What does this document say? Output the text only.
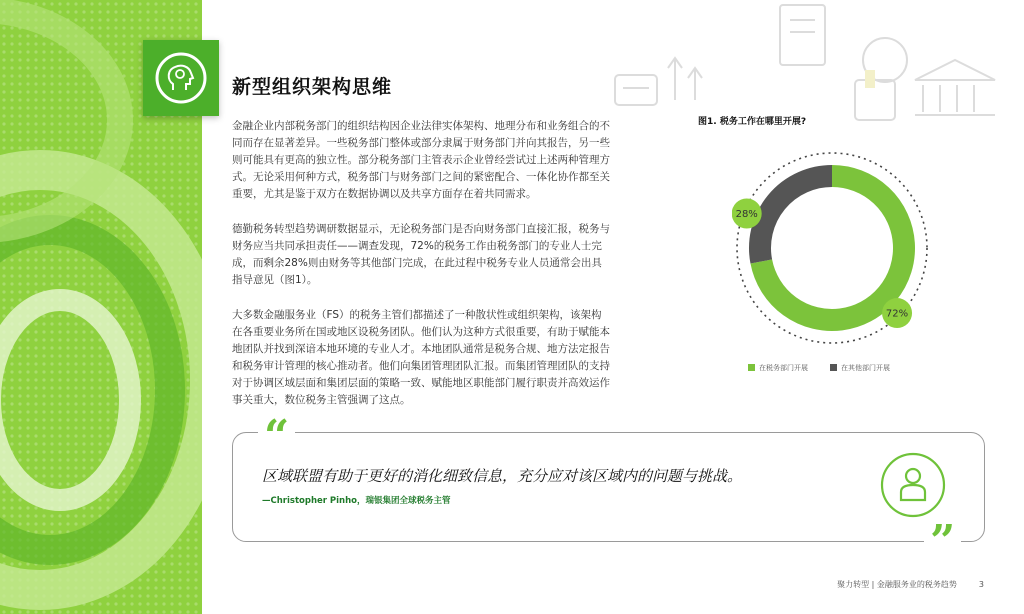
新型组织架构思维

金融企业内部税务部门的组织结构因企业法律实体架构、地理分布和业务组合的不同而存在显著差异。一些税务部门整体或部分隶属于财务部门并向其报告，另一些则可能具有更高的独立性。部分税务部门主管表示企业曾经尝试过上述两种管理方式。无论采用何种方式，税务部门与财务部门之间的紧密配合、一体化协作都至关重要，尤其是鉴于双方在数据协调以及共享方面存在着共同需求。

德勤税务转型趋势调研数据显示，无论税务部门是否向财务部门直接汇报，税务与财务应当共同承担责任——调查发现，72%的税务工作由税务部门的专业人士完成，而剩余28%则由财务等其他部门完成，在此过程中税务专业人员通常会出具指导意见（图1）。

大多数金融服务业（FS）的税务主管们都描述了一种散状性或组织架构，该架构在各重要业务所在国或地区设税务团队。他们认为这种方式很重要，有助于赋能本地团队并找到深谙本地环境的专业人才。本地团队通常是税务合规、地方法定报告和税务审计管理的核心推动者。他们向集团管理团队汇报。而集团管理团队的支持对于协调区域层面和集团层面的策略一致、赋能地区职能部门履行职责并高效运作事关重大，数位税务主管强调了这点。

图1. 税务工作在哪里开展?
72%
28%
在税务部门开展	在其他部门开展
“
”
区域联盟有助于更好的消化细致信息，充分应对该区域内的问题与挑战。
—Christopher Pinho，瑞银集团全球税务主管
聚力转型 | 金融服务业的税务趋势	3
